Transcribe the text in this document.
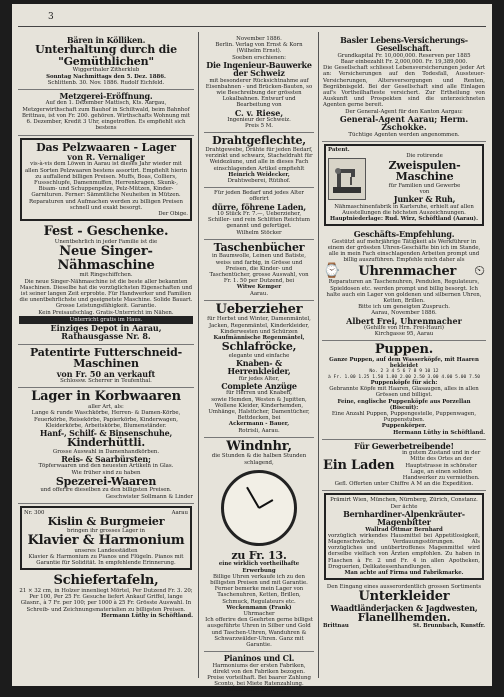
3
Bären in Kölliken.
Unterhaltung durch die "Gemüthlichen"
Wiggerthaler Zitherklub
Sonntag Nachmittags den 5. Dez. 1886.
Schlittenb. 30. Nov. 1886. Rudolf Eichfeld.
Metzgerei-Eröffnung.
Auf den 1. Dezember Mattisch, Kts. Aargau, Metzgerwirthschaft zum Bauhof in Schiltwald, beim Bahnhof Brittnau, ist von Fr. 200. gehören. Wirthschafts Wohnung mit 6. Dezember, Kredit 3 Uhr, eingetroffen. Es empfiehlt sich bestens
Das Pelzwaaren - Lager
von R. Vernaliger
vis-à-vis dem Löwen in Aarau ist dieses Jahr wieder mit allen Sorten Pelzwaaren bestens assortirt. Empfiehlt hierin zu auffallend billigen Preisen. Muffs, Boas, Colliers, Fussschlupfe, Damenmuffen, Herrenkragen, Skunk-, Bisam- und Schuppenpelze, Pelz-Mützen, Kinder-Garnituren. Ferner: Sämmtliche Neuheiten in Mützen. Reparaturen und Aufmachen werden zu billigen Preisen schnell und exakt besorgt.
Der Obige.
Fest - Geschenke.
Unentbehrlich in jeder Familie ist die
Neue Singer-Nähmaschine
mit Ringschiffchen.
Die neue Singer-Nähmaschine ist die beste aller bekannten Maschinen. Dieselbe hat die vorzüglichsten Eigenschaften und ist seiner langen Zeit erprobte. Für Handwerker und Familien die unentbehrlichste und geeignetste Maschine. Solide Bauart. Grosse Leistungsfähigkeit. Garantie.
Kein Preisaufschlag. Gratis-Unterricht im Nähen.
Unterricht gratis im Haus.
Einziges Depot in Aarau, Rathausgasse Nr. 8.
Patentirte Futterschneid-Maschinen
von Fr. 50 an verkauft
Schlossw. Scherrer in Teufenthal.
Lager in Korbwaaren
aller Art, als:
Lange & runde Waschkörbe, Herren- & Damen-Körbe, Feuerkörbe, Reisekörbe, Papierkörbe, Kinderwagen, Kleiderkörbe, Arbeitskörbe, Blumenständer.
Hanf-, Schilf- & Binsenschuhe,
Kinderhüttli.
Grosse Auswahl in Damenhandkörben.
Reis- & Saarbürsten;
Töpferwaaren und den neuesten Artikeln in Glas.
Wie früher sind zu haben
Spezerei-Waaren
und offerire dieselben zu den billigsten Preisen.
Geschwister Sollmann & Linder
Nr. 300	Aarau
Kislin & Burgmeier
bringen ihr grosses Lager in
Klavier & Harmonium
unseres Landesstädten
Klavier & Harmonium zu Pianos und Flügeln. Pianos mit Garantie für Solidität. In empfehlende Erinnerung.
Schiefertafeln,
21 × 32 cm, in Holzer innenliegt Mörtel, Per Dutzend Fr. 3. 20; Per 100, Per 25 Fr. Gesuche liefert Ankauf Griffel, lange Glasnr., à 7 Fr. per 100; per 1000 à 25 Fr. Grösste Auswahl. In Schreib- und Zeichnungsmaterialien zu billigsten Preisen.
Hermann Lüthy in Schöftland.
November 1886.
Berlin. Verlag von Ernst & Korn
(Wilhelm Ernst).
Soeben erschienen:
Die Ingenieur-Bauwerke der Schweiz
mit besonderer Rücksichtnahme auf Eisenbahnen - und Brücken-Bauten, so wie Beschreibung der grössten Lokalbahnen. Entwurf und Bearbeitung von
C. v. Riese,
Ingenieur der Schweiz.
Preis 5 M.
Drahtgeflechte,
Drahtgewebe, Drähte für jeden Bedarf, verzinkt und schwarz, Stacheldraht für Weidezäune, und alle in dieses Fach einschlagenden Artikel empfiehlt
Heinrich Weidecker,
Drahtweberei, Rütihof.
Für jeden Bedarf und jedes Alter offerirt
dürre, föhrene Laden,
10 Stück Fr. 7.—, Ueberzieher, Schiller- und rein Schlitten Reichtum genannt und gefertiget.
Wilhelm Stöcker
Taschenbücher
in Baumwolle, Leinen und Batiste, weiss und farbig, in Grösse und Preisen, die Kinder- und Taschentücher, grosse Auswahl, von Fr. 1. 50 per Dutzend, bei
Witwe Kemper
Aarau.
Ueberzieher
für Herbst und Winter, Damenmäntel, Jacken, Regenmäntel, Kinderkleider, Kinderwesten und Schürzen
Kaufmännische Regenmäntel,
Schlafröcke,
elegante und einfache
Knaben- & Herrenkleider,
für jedes Alter,
Complete Anzüge
für Herren und Knaben,
sowie Hemden, Westen & Jupitten, Wollene Kleider, Kinderhemden, Umhänge, Halstücher, Damentücher, Bettdecken, bei
Ackermann - Bauer,
Rotrisli, Aarau.
Windnhr,
die Stunden & die halben Stunden schlagend,
zu Fr. 13.
eine wirklich vortheilhafte Erwerbung
Billige Uhren verkaufe ich zu den billigsten Preisen und mit Garantie. Ferner bemerke mein Lager von Taschenuhren, Ketten, Brillen, Schmuck, Regulateurs etc.
Weckenmann (Frank)
Uhrmacher
Ich offerire den Geehrten gerne billigst ausgeführte Uhren in Silber und Gold und Taschen-Uhren, Wanduhren & Schwarzwälder-Uhren. Ganz mit Garantie.
Pianinos und Cl.
Harmoniums der ersten Fabriken, direkt von den Fabriken bezogen. Preise vorteilhaft. Bei baarer Zahlung Sconto, bei Miete Ratenzahlung. Kommission im Gesuch.
Basler Lebens-Versicherungs-Gesellschaft.
Grundkapital Fr. 10,000,000. Reserven per 1885
Baar einbezahlt Fr. 2,000,000. Fr. 19,389,000.
Die Gesellschaft schliesst Lebensversicherungen jeder Art an: Versicherungen auf den Todesfall, Aussteuer-Versicherungen, Altersversorgungen und Renten, Begräbnisgeld. Bei der Gesellschaft sind alle Einlagen auf's Vortheilhafteste versichert. Zur Ertheilung von Auskunft und Prospekten sind die unterzeichneten Agenten gerne bereit.
Der General-Agent für den Kanton Aargau:
General-Agent Aarau; Herm. Zschokke.
Tüchtige Agenten werden angenommen.
Patent.
Die rotirende
Zweispulen-Maschine
für Familien und Gewerbe
von
Junker & Ruh,
Nähmaschinenfabrik in Karlsruhe, erhielt auf allen Ausstellungen die höchsten Auszeichnungen.
Hauptniederlage: Rud. Wirz, Schöftland (Aarau).
Geschäfts-Empfehlung.
Gestützt auf mehrjährige Tätigkeit als Werkführer in einem der grössten Uhren-Geschäfte bin ich im Stande, alle in mein Fach einschlagenden Arbeiten prompt und billig auszuführen. Empfehle mich daher als
⌚ Uhrenmacher ⏲
Reparaturen an Taschenuhren, Pendulen, Regulateurs, Spieldosen etc. werden prompt und billig besorgt. Ich halte auch ein Lager von goldenen und silbernen Uhren, Ketten, Brillen.
Bitte ich um geneigten Zuspruch.
Aarau, November 1886.
Albert Frei, Uhrenmacher
(Gehilfe von Hrn. Frei-Hauri)
Kirchgasse 95, Aarau
Puppen.
Ganze Puppen, auf dem Wasserköpfe, mit Haaren bekleidet
No. 2 3 4 5 6 7 8 9 10 12
à Fr. 1.00 1.25 1.50 1.80 2.00 2.50 3.00 4.00 5.00 7.50
Puppenköpfe für sich:
Gebrannte Köpfe mit Haaren, Glasaugen, alles in allen Grössen und billigst.
Feine, englische Puppenköpfe aus Porzellan (Biscuit):
Eine Anzahl Puppen, Puppengestelle, Puppenwagen, Puppenstuben.
Puppenkörper.
Hermann Lüthy in Schöftland.
Für Gewerbetreibende!
Ein Laden
in gutem Zustand und in der Mitte des Ortes an der Hauptstrasse in schönster Lage, an einen soliden Handwerker zu vermiethen.
Gefl. Offerten unter Chiffre A M an die Expedition.
Prämirt Wien, München, Nürnberg, Zürich, Constanz.
Der ächte
Bernhardiner-Alpenkräuter-Magenbitter
Wallrad Ottmar Bernhard
vorzüglich wirkendes Hausmittel bei Appetitlosigkeit, Magenschwäche, Verdauungsstörungen. Als vorzügliches und unübertroffenes Magenmittel wird derselbe vielfach von Ärzten empfohlen. Zu haben in Flaschen à Fr. 2 und Fr. 4 in allen Apotheken, Droguerien, Delikatessenhandlungen.
Man achte auf Firma und Fabrikmarke.
Den Eingang eines ausserordentlich grossen Sortiments
Unterkleider
Waadtländerjacken & Jagdwesten,
Flanellhemden.
Brittnau	St. Brunnbach, Kunstfr.
